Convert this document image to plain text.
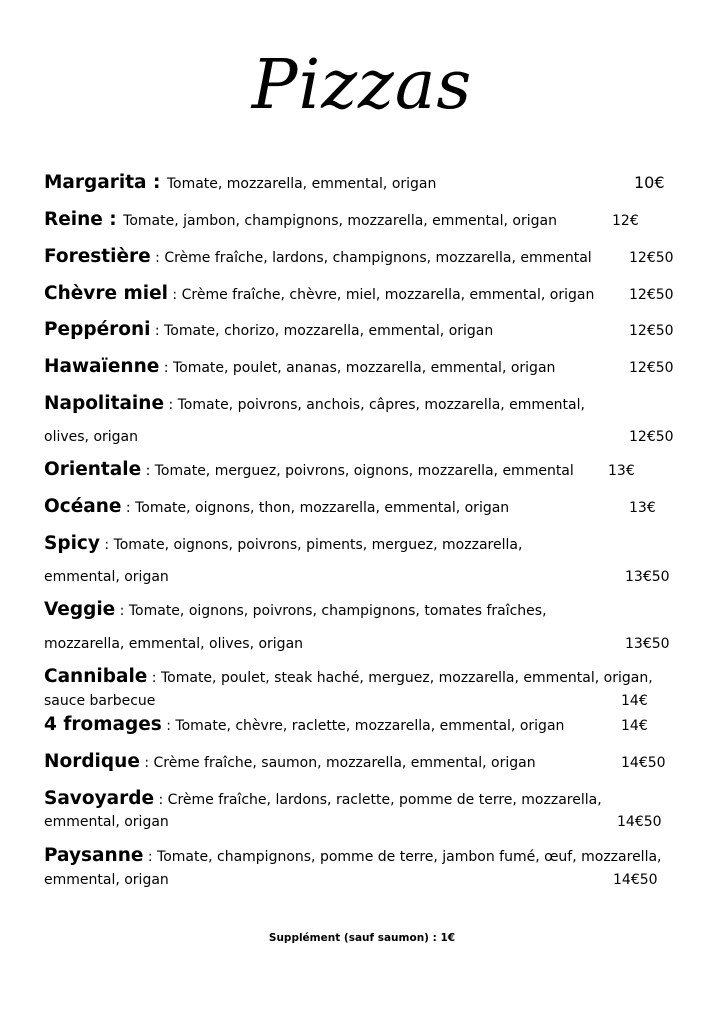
Pizzas
Margarita : Tomate, mozzarella, emmental, origan	10€
Reine : Tomate, jambon, champignons, mozzarella, emmental, origan	12€
Forestière : Crème fraîche, lardons, champignons, mozzarella, emmental	12€50
Chèvre miel : Crème fraîche, chèvre, miel, mozzarella, emmental, origan 12€50
Peppéroni : Tomate, chorizo, mozzarella, emmental, origan	12€50
Hawaïenne : Tomate, poulet, ananas, mozzarella, emmental, origan	12€50
Napolitaine : Tomate, poivrons, anchois, câpres, mozzarella, emmental,
olives, origan	12€50
Orientale : Tomate, merguez, poivrons, oignons, mozzarella, emmental 13€
Océane : Tomate, oignons, thon, mozzarella, emmental, origan	13€
Spicy : Tomate, oignons, poivrons, piments, merguez, mozzarella,
emmental, origan	13€50
Veggie : Tomate, oignons, poivrons, champignons, tomates fraîches,
mozzarella, emmental, olives, origan	13€50
Cannibale : Tomate, poulet, steak haché, merguez, mozzarella, emmental, origan,
sauce barbecue	14€
4 fromages : Tomate, chèvre, raclette, mozzarella, emmental, origan	14€
Nordique : Crème fraîche, saumon, mozzarella, emmental, origan	14€50
Savoyarde : Crème fraîche, lardons, raclette, pomme de terre, mozzarella,
emmental, origan	14€50
Paysanne : Tomate, champignons, pomme de terre, jambon fumé, œuf, mozzarella,
emmental, origan	14€50
Supplément (sauf saumon) : 1€
